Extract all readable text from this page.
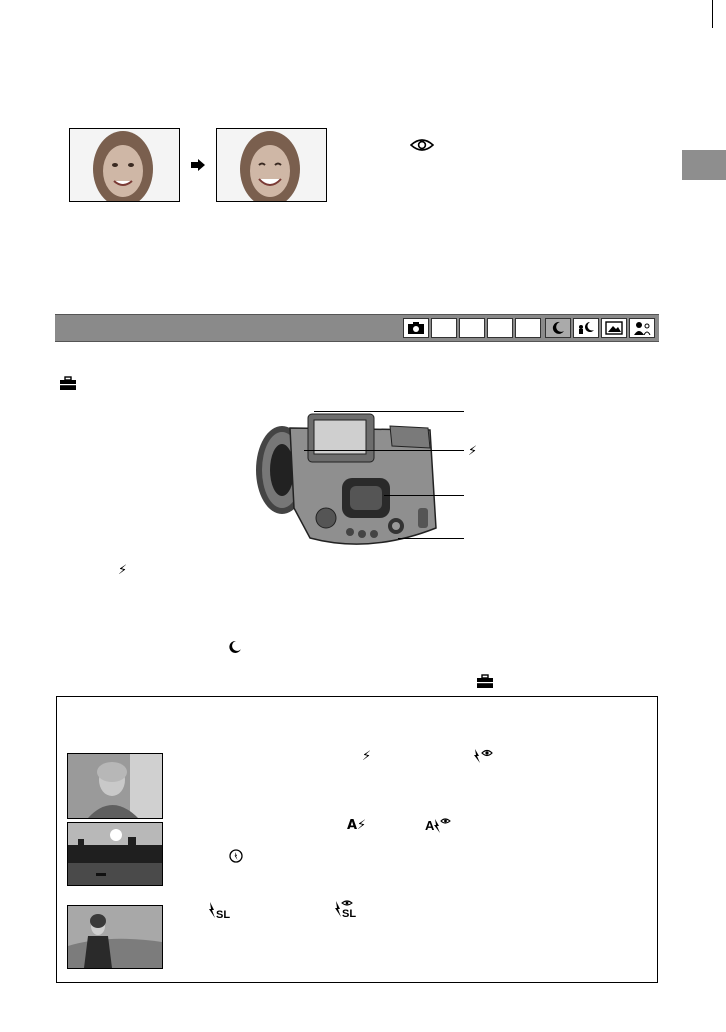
⚡
⚡
⚡
A⚡	A
SL	SL
